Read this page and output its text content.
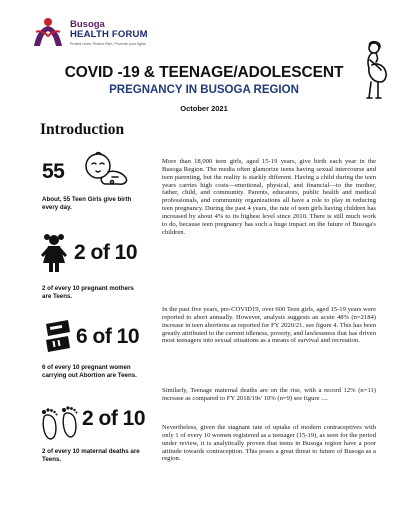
Busoga
HEALTH FORUM
Protect Lives, Protect Rich, Promote your rights
COVID -19 & TEENAGE/ADOLESCENT
PREGNANCY IN BUSOGA REGION
October 2021
Introduction
55
About, 55 Teen Girls give birth every day.
2 of 10
2 of every 10 pregnant mothers are Teens.
6 of 10
6 of every 10 pregnant women carrying out Abortion are Teens.
2 of 10
2 of every 10 maternal deaths are Teens.

More than 18,000 teen girls, aged 15-19 years, give birth each year in the Busoga Region. The media often glamorize teens having sexual intercourse and teen parenting, but the reality is starkly different. Having a child during the teen years carries high costs—emotional, physical, and financial—to the mother, father, child, and community. Parents, educators, public health and medical professionals, and community organizations all have a role to play in reducing teen pregnancy. During the past 4 years, the rate of teen girls having children has increased by about 4% to its highest level since 2010. There is still much work to do, because teen pregnancy has such a huge impact on the future of Busoga's children.

In the past five years, pre-COVID19, over 600 Teen girls, aged 15-19 years were reported to abort annually. However, analysis suggests an acute 48% (n=2184) increase in teen abortions as reported for FY 2020/21. see figure 4. This has been greatly attributed to the current idleness, poverty, and lawlessness that has driven most teenagers into sexual situations as a means of survival and recreation.

Similarly, Teenage maternal deaths are on the rise, with a record 12% (n=11) increase as compared to FY 2018/19s' 10% (n=9) see figure ....

Nevertheless, given the stagnant rate of uptake of modern contraceptives with only 1 of every 10 women registered as a teenager (15-19), as seen for the period under review, it is analytically proven that teens in Busoga region have a poor attitude towards contraception. This poses a great threat to future of Busoga as a region.
